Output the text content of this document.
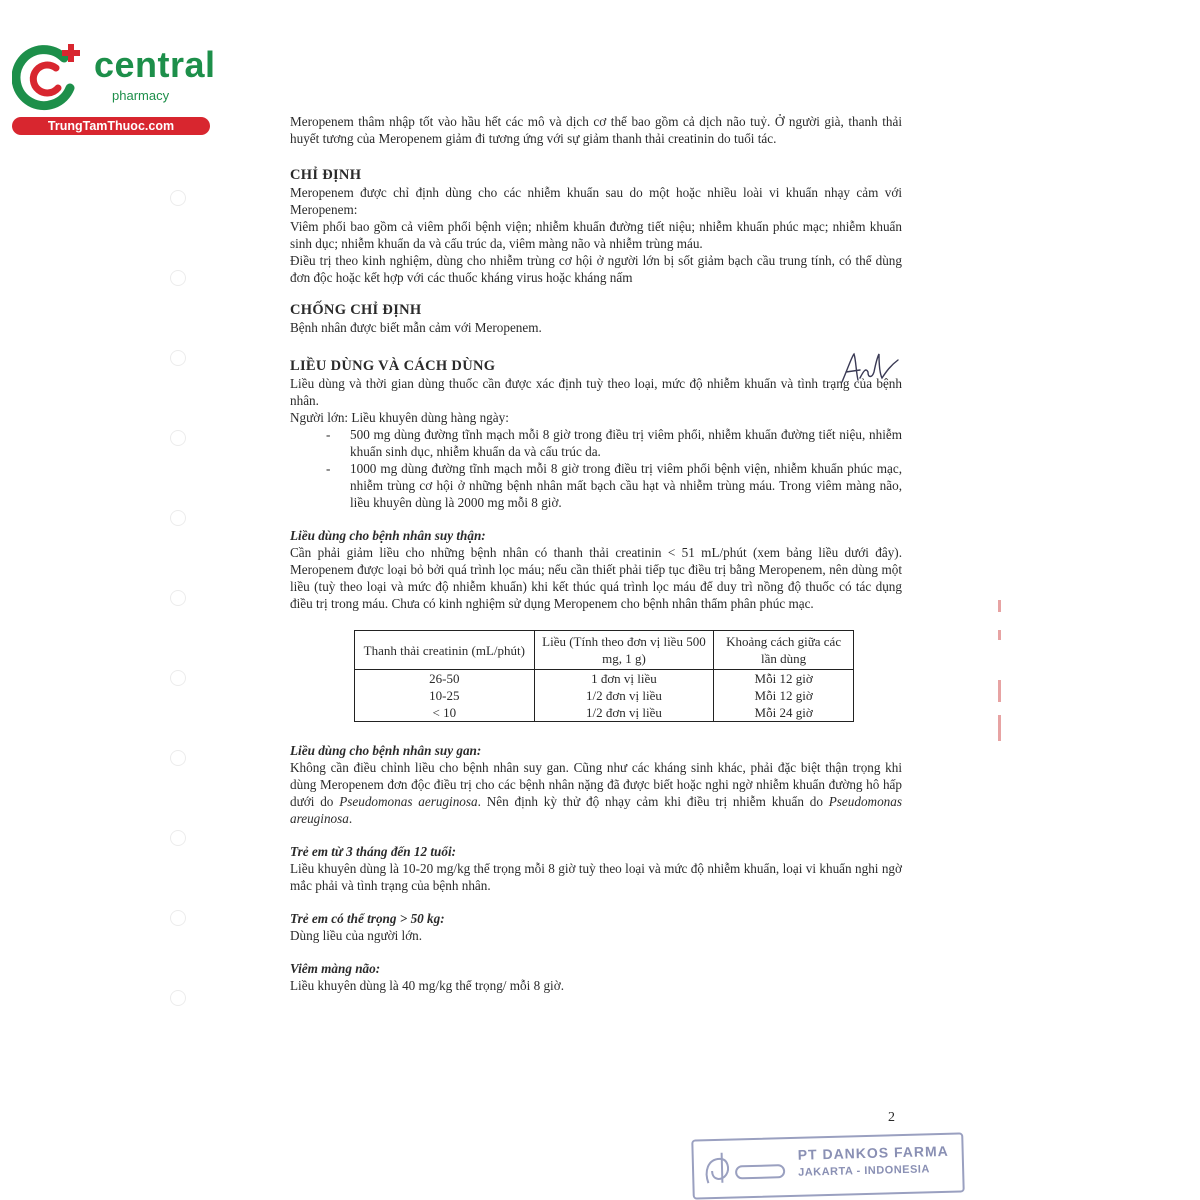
central
pharmacy
TrungTamThuoc.com	Meropenem thâm nhập tốt vào hầu hết các mô và dịch cơ thể bao gồm cả dịch não tuỷ. Ở người già, thanh thải huyết tương của Meropenem giảm đi tương ứng với sự giảm thanh thải creatinin do tuổi tác.

CHỈ ĐỊNH

Meropenem được chỉ định dùng cho các nhiễm khuẩn sau do một hoặc nhiều loài vi khuẩn nhạy cảm với Meropenem:

Viêm phổi bao gồm cả viêm phổi bệnh viện; nhiễm khuẩn đường tiết niệu; nhiễm khuẩn phúc mạc; nhiễm khuẩn sinh dục; nhiễm khuẩn da và cấu trúc da, viêm màng não và nhiễm trùng máu.

Điều trị theo kinh nghiệm, dùng cho nhiễm trùng cơ hội ở người lớn bị sốt giảm bạch cầu trung tính, có thể dùng đơn độc hoặc kết hợp với các thuốc kháng virus hoặc kháng nấm

CHỐNG CHỈ ĐỊNH

Bệnh nhân được biết mẫn cảm với Meropenem.

LIỀU DÙNG VÀ CÁCH DÙNG

Liều dùng và thời gian dùng thuốc cần được xác định tuỳ theo loại, mức độ nhiễm khuẩn và tình trạng của bệnh nhân.

Người lớn: Liều khuyên dùng hàng ngày:

- 500 mg dùng đường tĩnh mạch mỗi 8 giờ trong điều trị viêm phổi, nhiễm khuẩn đường tiết niệu, nhiễm khuẩn sinh dục, nhiễm khuẩn da và cấu trúc da.
- 1000 mg dùng đường tĩnh mạch mỗi 8 giờ trong điều trị viêm phổi bệnh viện, nhiễm khuẩn phúc mạc, nhiễm trùng cơ hội ở những bệnh nhân mất bạch cầu hạt và nhiễm trùng máu. Trong viêm màng não, liều khuyên dùng là 2000 mg mỗi 8 giờ.
Liều dùng cho bệnh nhân suy thận:

Cần phải giảm liều cho những bệnh nhân có thanh thải creatinin < 51 mL/phút (xem bảng liều dưới đây). Meropenem được loại bỏ bởi quá trình lọc máu; nếu cần thiết phải tiếp tục điều trị bằng Meropenem, nên dùng một liều (tuỳ theo loại và mức độ nhiễm khuẩn) khi kết thúc quá trình lọc máu để duy trì nồng độ thuốc có tác dụng điều trị trong máu. Chưa có kinh nghiệm sử dụng Meropenem cho bệnh nhân thẩm phân phúc mạc.

Thanh thải creatinin (mL/phút)	Liều (Tính theo đơn vị liều 500 mg, 1 g)	Khoảng cách giữa các lần dùng
26-50	1 đơn vị liều	Mỗi 12 giờ
10-25	1/2 đơn vị liều	Mỗi 12 giờ
< 10	1/2 đơn vị liều	Mỗi 24 giờ
Liều dùng cho bệnh nhân suy gan:

Không cần điều chỉnh liều cho bệnh nhân suy gan. Cũng như các kháng sinh khác, phải đặc biệt thận trọng khi dùng Meropenem đơn độc điều trị cho các bệnh nhân nặng đã được biết hoặc nghi ngờ nhiễm khuẩn đường hô hấp dưới do Pseudomonas aeruginosa. Nên định kỳ thử độ nhạy cảm khi điều trị nhiễm khuẩn do Pseudomonas areuginosa.

Trẻ em từ 3 tháng đến 12 tuổi:

Liều khuyên dùng là 10-20 mg/kg thể trọng mỗi 8 giờ tuỳ theo loại và mức độ nhiễm khuẩn, loại vi khuẩn nghi ngờ mắc phải và tình trạng của bệnh nhân.

Trẻ em có thể trọng > 50 kg:

Dùng liều của người lớn.

Viêm màng não:

Liều khuyên dùng là 40 mg/kg thể trọng/ mỗi 8 giờ.

2
PT DANKOS FARMA
JAKARTA - INDONESIA
